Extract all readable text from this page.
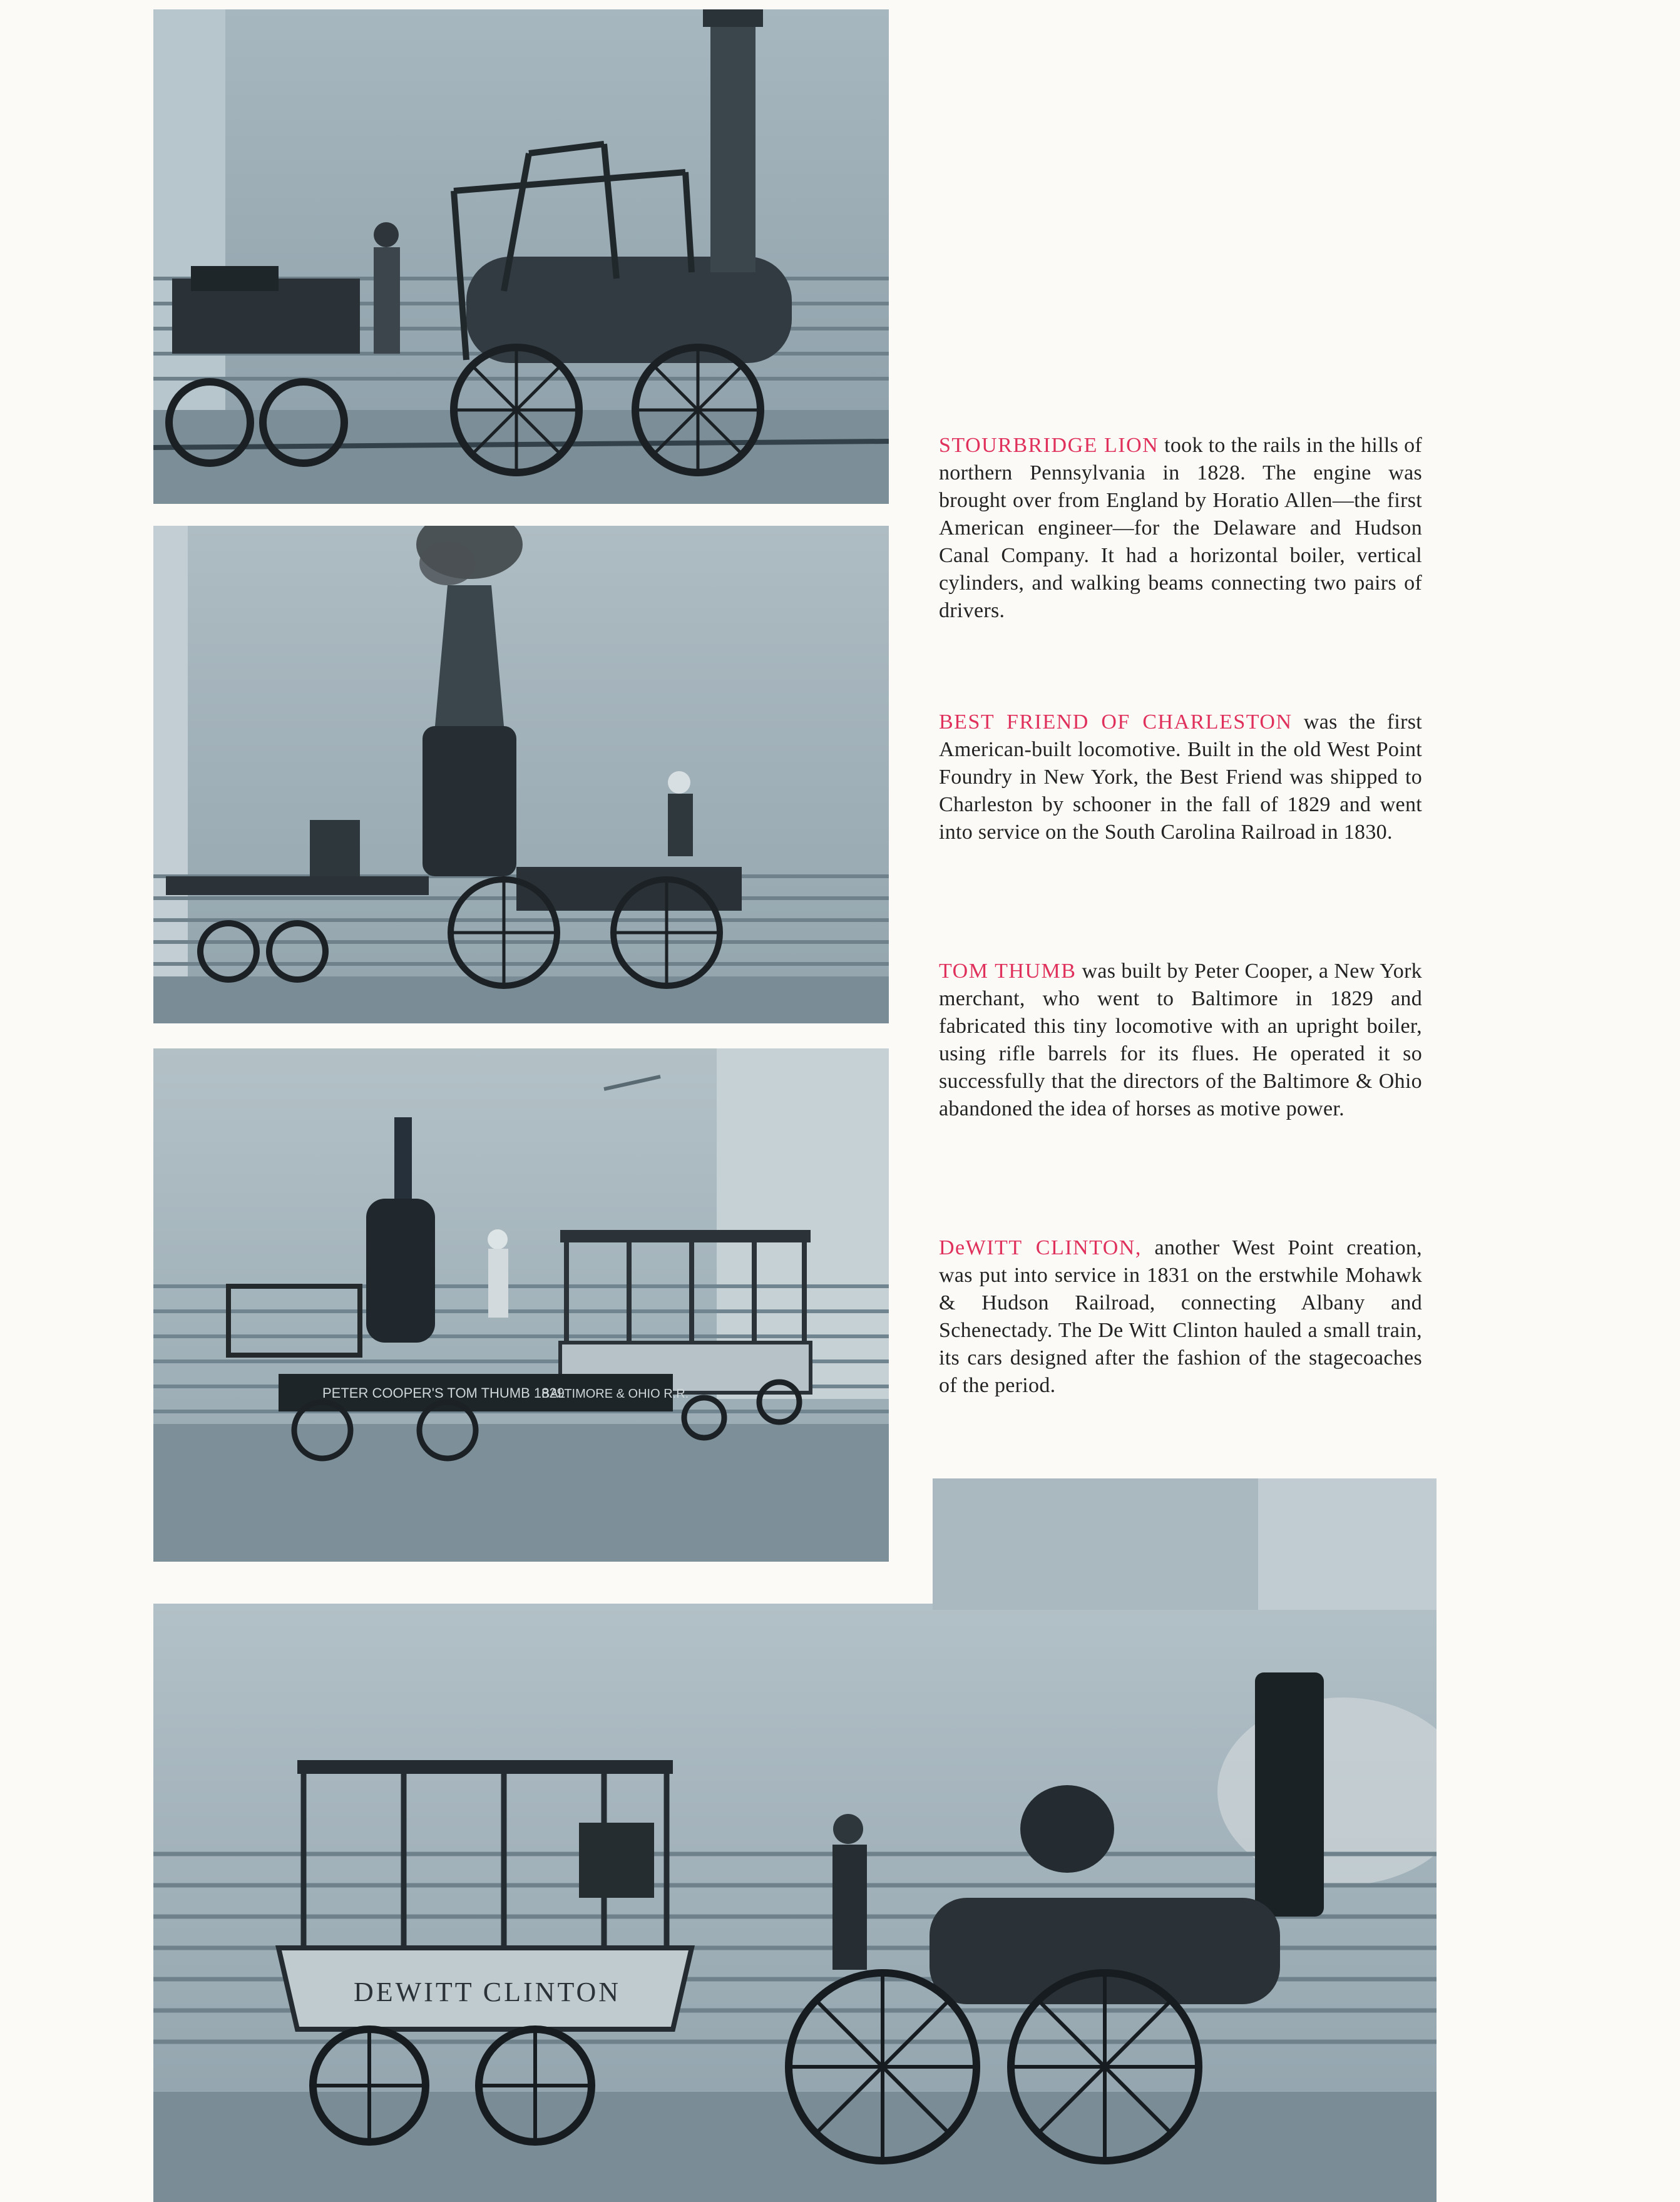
PETER COOPER'S TOM THUMB 1829
BALTIMORE & OHIO R.R.
DEWITT CLINTON
STOURBRIDGE LION took to the rails in the hills of northern Pennsylvania in 1828. The engine was brought over from England by Horatio Allen—the first American engineer—for the Delaware and Hudson Canal Company. It had a horizontal boiler, vertical cylinders, and walking beams connecting two pairs of drivers.
BEST FRIEND OF CHARLESTON was the first American-built locomotive. Built in the old West Point Foundry in New York, the Best Friend was shipped to Charleston by schooner in the fall of 1829 and went into service on the South Carolina Railroad in 1830.
TOM THUMB was built by Peter Cooper, a New York merchant, who went to Baltimore in 1829 and fabricated this tiny locomotive with an upright boiler, using rifle barrels for its flues. He operated it so successfully that the directors of the Baltimore & Ohio abandoned the idea of horses as motive power.
DeWITT CLINTON, another West Point creation, was put into service in 1831 on the erstwhile Mohawk & Hudson Railroad, connecting Albany and Schenectady. The De Witt Clinton hauled a small train, its cars designed after the fashion of the stagecoaches of the period.
